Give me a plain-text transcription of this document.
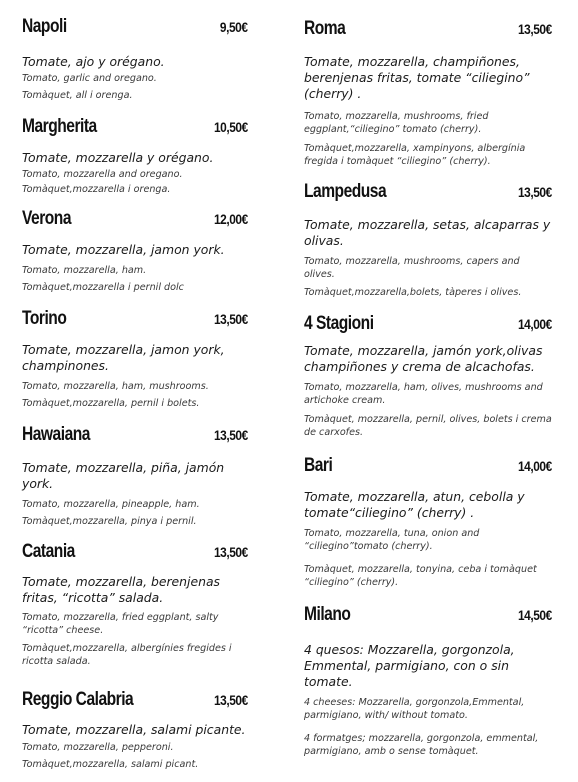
Napoli	9,50€

Tomate, ajo y orégano.

Tomato, garlic and oregano.

Tomàquet, all i orenga.

Margherita	10,50€

Tomate, mozzarella y orégano.

Tomato, mozzarella and oregano.

Tomàquet,mozzarella i orenga.

Verona	12,00€

Tomate, mozzarella, jamon york.

Tomato, mozzarella, ham.

Tomàquet,mozzarella i pernil dolc

Torino	13,50€

Tomate, mozzarella, jamon york, champinones.

Tomato, mozzarella, ham, mushrooms.

Tomàquet,mozzarella, pernil i bolets.

Hawaiana	13,50€

Tomate, mozzarella, piña, jamón york.

Tomato, mozzarella, pineapple, ham.

Tomàquet,mozzarella, pinya i pernil.

Catania	13,50€

Tomate, mozzarella, berenjenas fritas, “ricotta” salada.

Tomato, mozzarella, fried eggplant, salty “ricotta” cheese.

Tomàquet,mozzarella, albergínies fregides i ricotta salada.

Reggio Calabria	13,50€

Tomate, mozzarella, salami picante.

Tomato, mozzarella, pepperoni.

Tomàquet,mozzarella, salami picant.

Roma	13,50€

Tomate, mozzarella, champiñones, berenjenas fritas, tomate “ciliegino” (cherry) .

Tomato, mozzarella, mushrooms, fried eggplant,“ciliegino” tomato (cherry).

Tomàquet,mozzarella, xampinyons, albergínia fregida i tomàquet “ciliegino” (cherry).

Lampedusa	13,50€

Tomate, mozzarella, setas, alcaparras y olivas.

Tomato, mozzarella, mushrooms, capers and olives.

Tomàquet,mozzarella,bolets, tàperes i olives.

4 Stagioni	14,00€

Tomate, mozzarella, jamón york,olivas champiñones y crema de alcachofas.

Tomato, mozzarella, ham, olives, mushrooms and artichoke cream.

Tomàquet, mozzarella, pernil, olives, bolets i crema de carxofes.

Bari	14,00€

Tomate, mozzarella, atun, cebolla y tomate“ciliegino” (cherry) .

Tomato, mozzarella, tuna, onion and “ciliegino”tomato (cherry).

Tomàquet, mozzarella, tonyina, ceba i tomàquet “ciliegino” (cherry).

Milano	14,50€

4 quesos: Mozzarella, gorgonzola, Emmental, parmigiano, con o sin tomate.

4 cheeses: Mozzarella, gorgonzola,Emmental, parmigiano, with/ without tomato.

4 formatges; mozzarella, gorgonzola, emmental, parmigiano, amb o sense tomàquet.
